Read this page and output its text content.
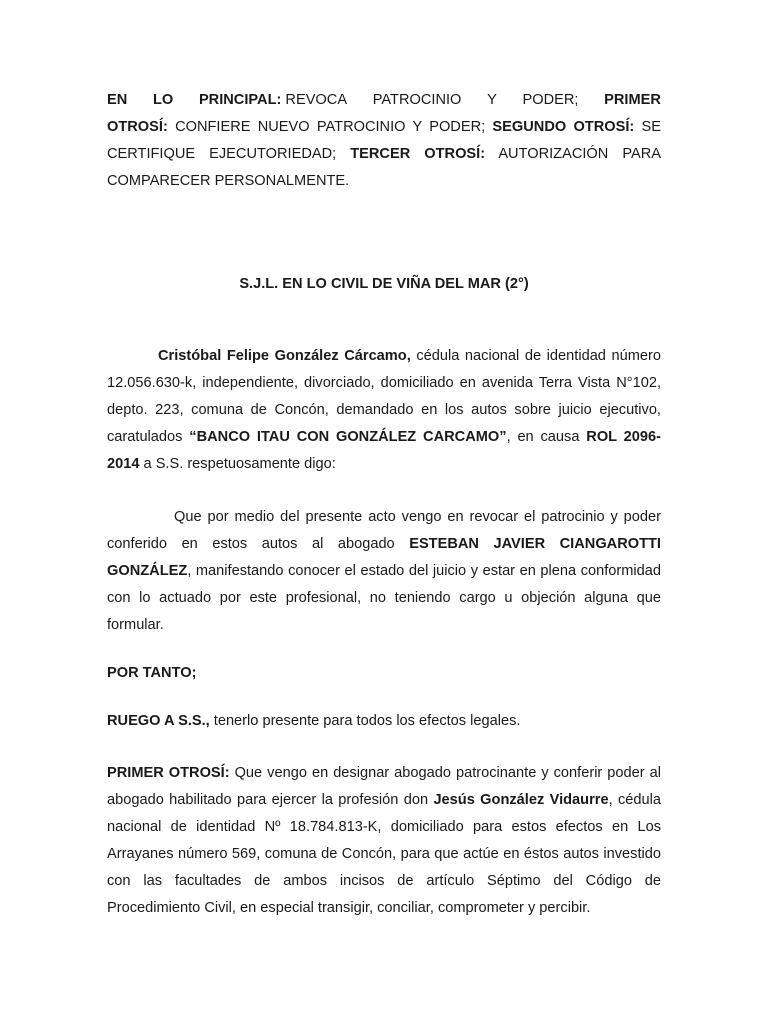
EN LO PRINCIPAL: REVOCA PATROCINIO Y PODER; PRIMER
OTROSÍ: CONFIERE NUEVO PATROCINIO Y PODER; SEGUNDO OTROSÍ: SE CERTIFIQUE EJECUTORIEDAD; TERCER OTROSÍ: AUTORIZACIÓN PARA COMPARECER PERSONALMENTE.

S.J.L. EN LO CIVIL DE VIÑA DEL MAR (2°)

Cristóbal Felipe González Cárcamo, cédula nacional de identidad número 12.056.630-k, independiente, divorciado, domiciliado en avenida Terra Vista N°102, depto. 223, comuna de Concón, demandado en los autos sobre juicio ejecutivo, caratulados “BANCO ITAU CON GONZÁLEZ CARCAMO”, en causa ROL 2096-2014 a S.S. respetuosamente digo:

Que por medio del presente acto vengo en revocar el patrocinio y poder conferido en estos autos al abogado ESTEBAN JAVIER CIANGAROTTI GONZÁLEZ, manifestando conocer el estado del juicio y estar en plena conformidad con lo actuado por este profesional, no teniendo cargo u objeción alguna que formular.

POR TANTO;

RUEGO A S.S., tenerlo presente para todos los efectos legales.

PRIMER OTROSÍ: Que vengo en designar abogado patrocinante y conferir poder al abogado habilitado para ejercer la profesión don Jesús González Vidaurre, cédula nacional de identidad Nº 18.784.813-K, domiciliado para estos efectos en Los Arrayanes número 569, comuna de Concón, para que actúe en éstos autos investido con las facultades de ambos incisos de artículo Séptimo del Código de Procedimiento Civil, en especial transigir, conciliar, comprometer y percibir.
